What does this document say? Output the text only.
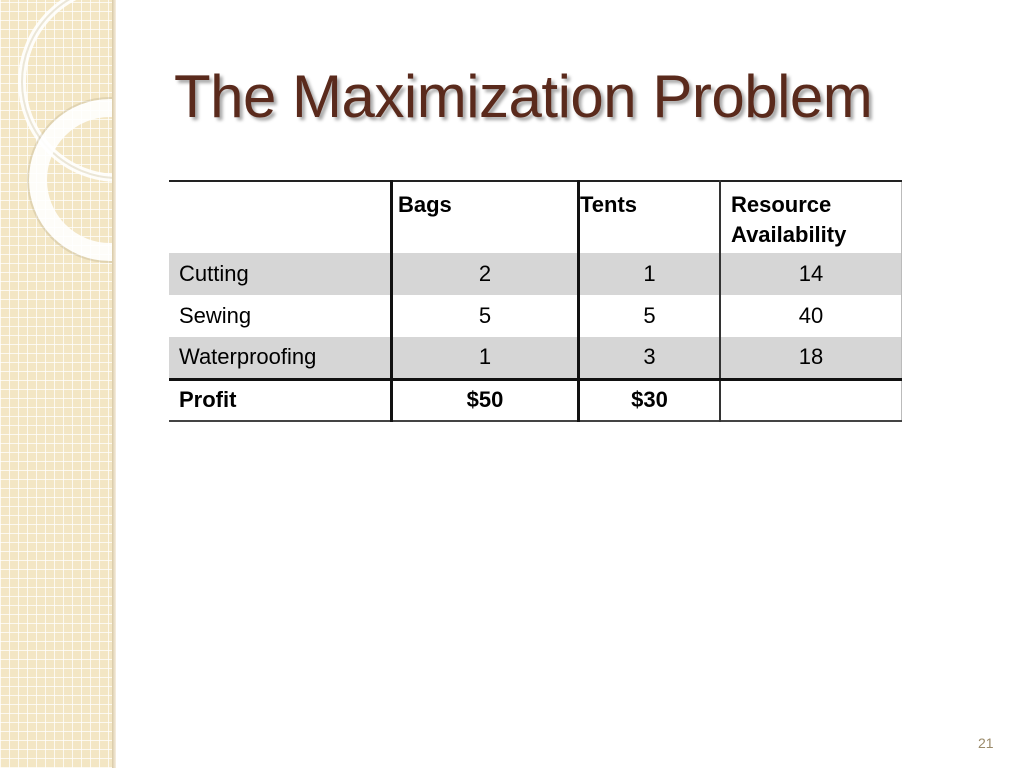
The Maximization Problem
	Bags	Tents	Resource Availability

Cutting	2	1	14
Sewing	5	5	40
Waterproofing	1	3	18
Profit	$50	$30	
21
